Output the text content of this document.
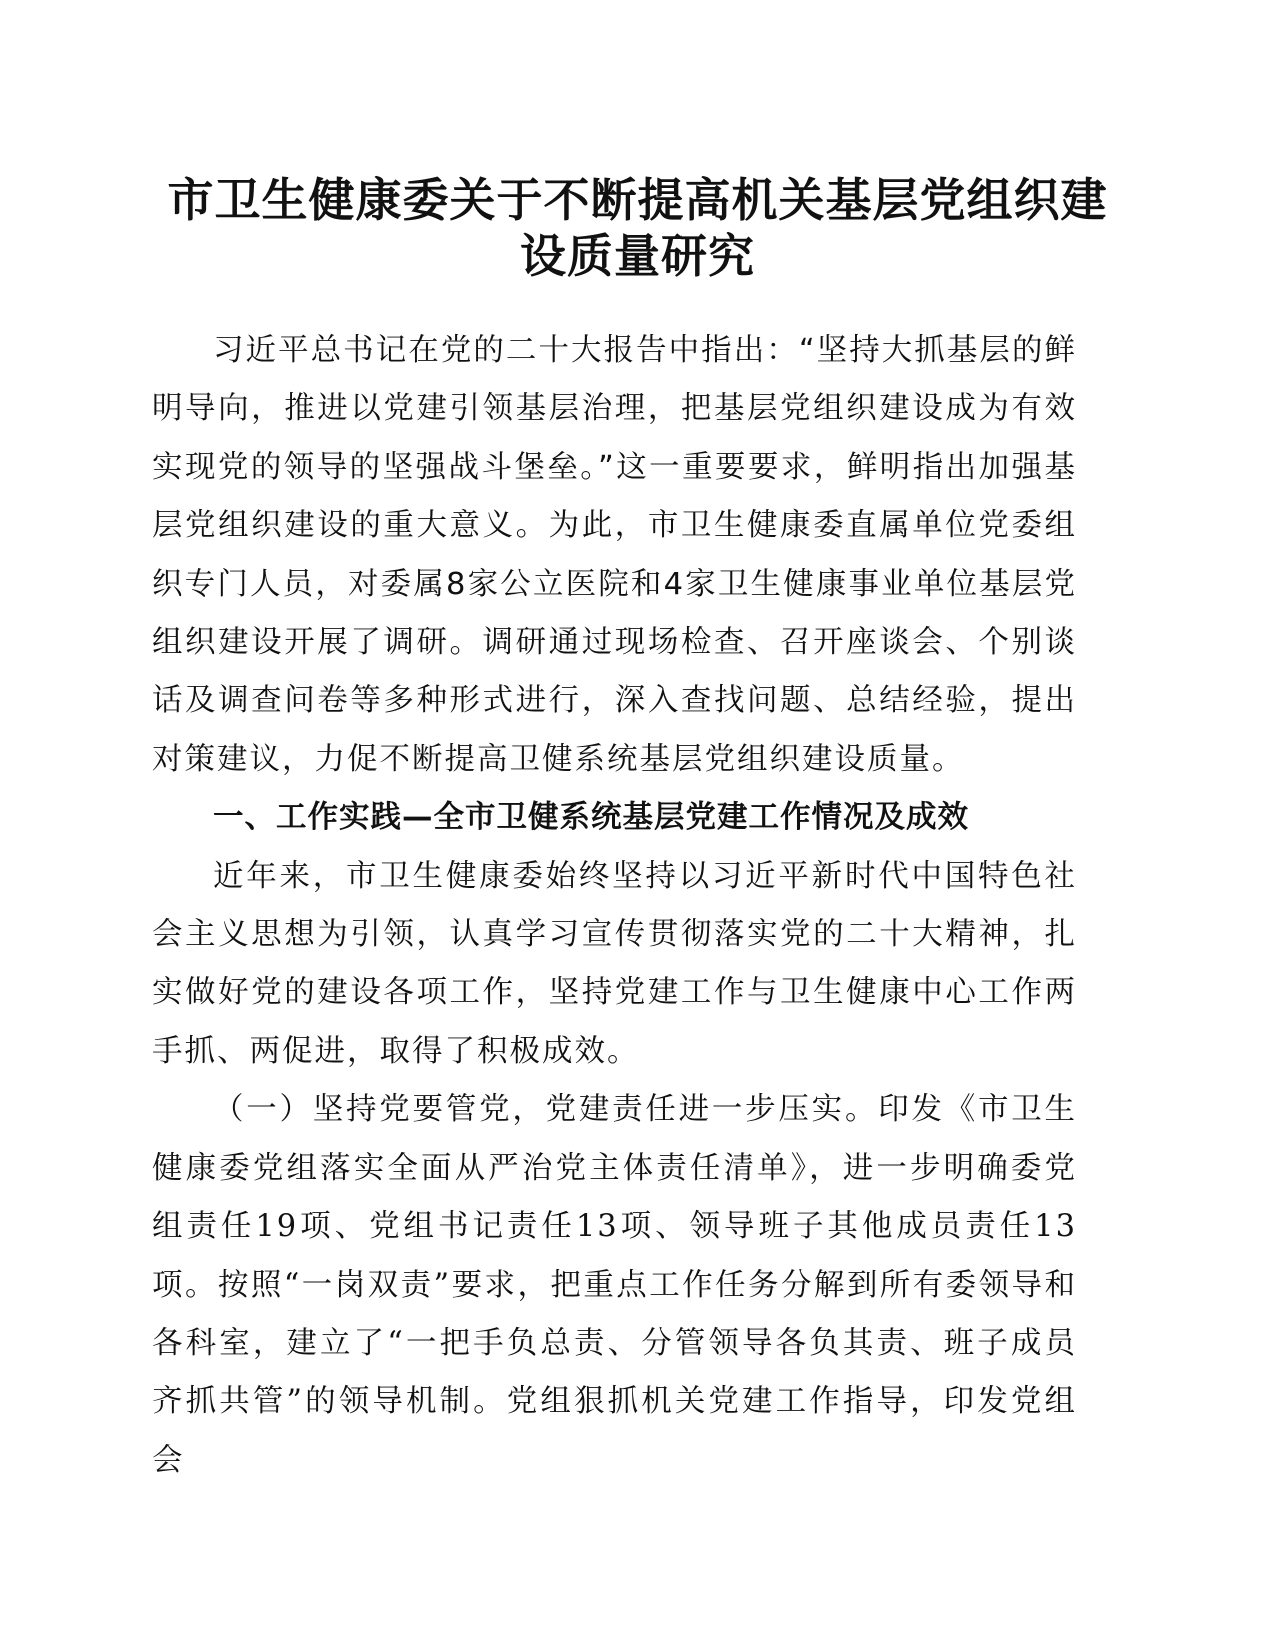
市卫生健康委关于不断提高机关基层党组织建
设质量研究

习近平总书记在党的二十大报告中指出：“坚持大抓基层的鲜明导向，推进以党建引领基层治理，把基层党组织建设成为有效实现党的领导的坚强战斗堡垒。”这一重要要求，鲜明指出加强基层党组织建设的重大意义。为此，市卫生健康委直属单位党委组织专门人员，对委属8家公立医院和4家卫生健康事业单位基层党组织建设开展了调研。调研通过现场检查、召开座谈会、个别谈话及调查问卷等多种形式进行，深入查找问题、总结经验，提出对策建议，力促不断提高卫健系统基层党组织建设质量。

一、工作实践—全市卫健系统基层党建工作情况及成效

近年来，市卫生健康委始终坚持以习近平新时代中国特色社会主义思想为引领，认真学习宣传贯彻落实党的二十大精神，扎实做好党的建设各项工作，坚持党建工作与卫生健康中心工作两手抓、两促进，取得了积极成效。

（一）坚持党要管党，党建责任进一步压实。印发《市卫生健康委党组落实全面从严治党主体责任清单》，进一步明确委党组责任19项、党组书记责任13项、领导班子其他成员责任13项。按照“一岗双责”要求，把重点工作任务分解到所有委领导和各科室，建立了“一把手负总责、分管领导各负其责、班子成员齐抓共管”的领导机制。党组狠抓机关党建工作指导，印发党组会
